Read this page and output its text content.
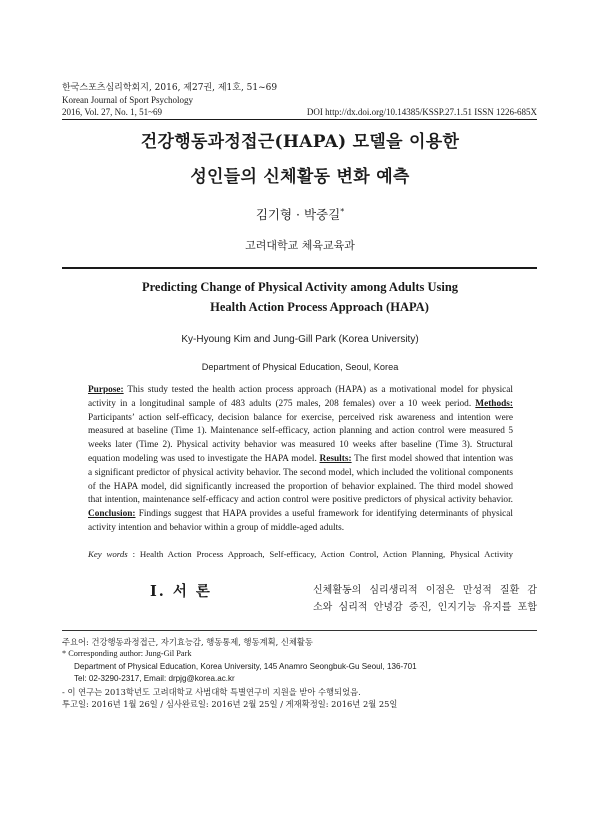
한국스포츠심리학회지, 2016, 제27권, 제1호, 51~69
Korean Journal of Sport Psychology
2016, Vol. 27, No. 1, 51~69	DOI http://dx.doi.org/10.14385/KSSP.27.1.51 ISSN 1226-685X
건강행동과정접근(HAPA) 모델을 이용한
성인들의 신체활동 변화 예측
김기형 · 박중길*
고려대학교 체육교육과
Predicting Change of Physical Activity among Adults Using
Health Action Process Approach (HAPA)
Ky-Hyoung Kim and Jung-Gill Park (Korea University)
Department of Physical Education, Seoul, Korea

Purpose: This study tested the health action process approach (HAPA) as a motivational model for physical activity in a longitudinal sample of 483 adults (275 males, 208 females) over a 10 week period. Methods: Participants’ action self-efficacy, decision balance for exercise, perceived risk awareness and intention were measured at baseline (Time 1). Maintenance self-efficacy, action planning and action control were measured 5 weeks later (Time 2). Physical activity behavior was measured 10 weeks after baseline (Time 3). Structural equation modeling was used to investigate the HAPA model. Results: The first model showed that intention was a significant predictor of physical activity behavior. The second model, which included the volitional components of the HAPA model, did significantly increased the proportion of behavior explained. The third model showed that intention, maintenance self-efficacy and action control were positive predictors of physical activity behavior. Conclusion: Findings suggest that HAPA provides a useful framework for identifying determinants of physical activity intention and behavior within a group of middle-aged adults.

Key words : Health Action Process Approach, Self-efficacy, Action Control, Action Planning, Physical Activity
I. 서 론	신체활동의 심리생리적 이점은 만성적 질환 감
소와 심리적 안녕감 증진, 인지기능 유지를 포함
주요어: 건강행동과정접근, 자기효능감, 행동통제, 행동계획, 신체활동
* Corresponding author: Jung-Gil Park
Department of Physical Education, Korea University, 145 Anamro Seongbuk-Gu Seoul, 136-701
Tel: 02-3290-2317, Email: drpjg@korea.ac.kr
- 이 연구는 2013학년도 고려대학교 사범대학 특별연구비 지원을 받아 수행되었음.
투고일: 2016년 1월 26일 / 심사완료일: 2016년 2월 25일 / 게재확정일: 2016년 2월 25일
